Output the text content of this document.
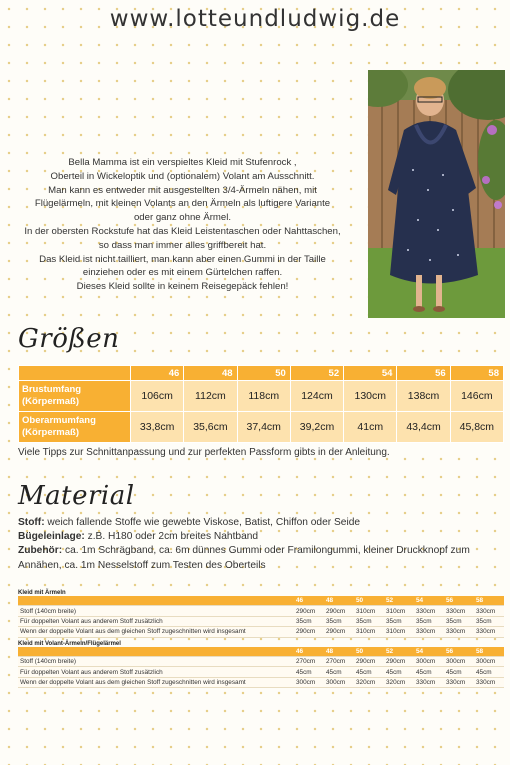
www.lotteundludwig.de
Bella Mamma ist ein verspieltes Kleid mit Stufenrock ,
Oberteil in Wickeloptik und (optionalem) Volant am Ausschnitt.
Man kann es entweder mit ausgestellten 3/4-Ärmeln nähen, mit
Flügelärmeln, mit kleinen Volants an den Ärmeln als luftigere Variante
oder ganz ohne Ärmel.
In der obersten Rockstufe hat das Kleid Leistentaschen oder Nahttaschen,
so dass man immer alles griffbereit hat.
Das Kleid ist nicht tailliert, man kann aber einen Gummi in der Taille
einziehen oder es mit einem Gürtelchen raffen.
Dieses Kleid sollte in keinem Reisegepäck fehlen!
Größen
	46	48	50	52	54	56	58
Brustumfang (Körpermaß)	106cm	112cm	118cm	124cm	130cm	138cm	146cm
Oberarmumfang (Körpermaß)	33,8cm	35,6cm	37,4cm	39,2cm	41cm	43,4cm	45,8cm
Viele Tipps zur Schnittanpassung und zur perfekten Passform gibts in der Anleitung.
Material
Stoff: weich fallende Stoffe wie gewebte Viskose, Batist, Chiffon oder Seide
Bügeleinlage: z.B. H180 oder 2cm breites Nahtband
Zubehör: ca. 1m Schrägband, ca. 6m dünnes Gummi oder Framilongummi, kleiner Druckknopf zum Annähen, ca. 1m Nesselstoff zum Testen des Oberteils
Kleid mit Ärmeln
	46	48	50	52	54	56	58
Stoff (140cm breite)	290cm	290cm	310cm	310cm	330cm	330cm	330cm
Für doppelten Volant aus anderem Stoff zusätzlich	35cm	35cm	35cm	35cm	35cm	35cm	35cm
Wenn der doppelte Volant aus dem gleichen Stoff zugeschnitten wird insgesamt	290cm	290cm	310cm	310cm	330cm	330cm	330cm
Kleid mit Volant-Ärmeln/Flügelärmel
	46	48	50	52	54	56	58
Stoff (140cm breite)	270cm	270cm	290cm	290cm	300cm	300cm	300cm
Für doppelten Volant aus anderem Stoff zusätzlich	45cm	45cm	45cm	45cm	45cm	45cm	45cm
Wenn der doppelte Volant aus dem gleichen Stoff zugeschnitten wird insgesamt	300cm	300cm	320cm	320cm	330cm	330cm	330cm
